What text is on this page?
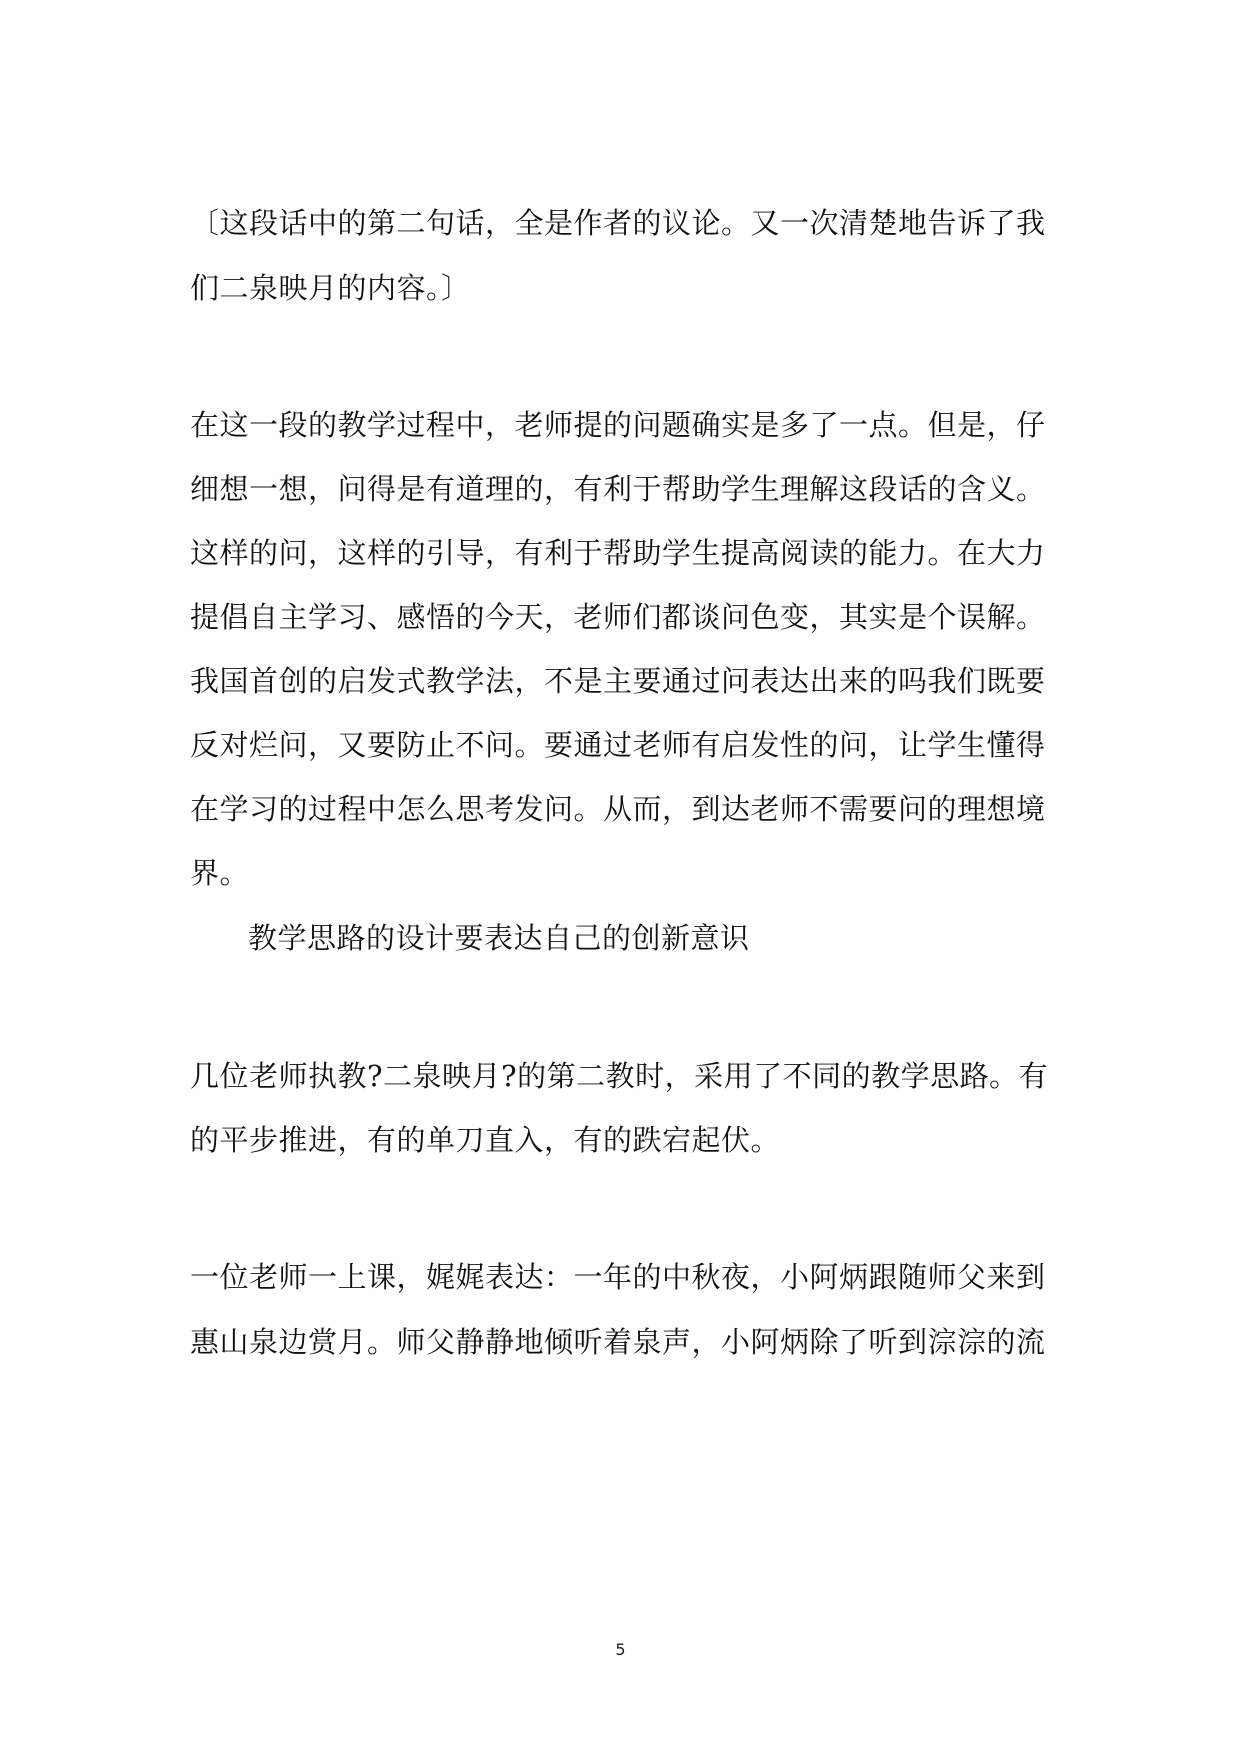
〔这段话中的第二句话，全是作者的议论。又一次清楚地告诉了我
们二泉映月的内容。〕
在这一段的教学过程中，老师提的问题确实是多了一点。但是，仔
细想一想，问得是有道理的，有利于帮助学生理解这段话的含义。
这样的问，这样的引导，有利于帮助学生提高阅读的能力。在大力
提倡自主学习、感悟的今天，老师们都谈问色变，其实是个误解。
我国首创的启发式教学法，不是主要通过问表达出来的吗我们既要
反对烂问，又要防止不问。要通过老师有启发性的问，让学生懂得
在学习的过程中怎么思考发问。从而，到达老师不需要问的理想境
界。
教学思路的设计要表达自己的创新意识
几位老师执教?二泉映月?的第二教时，采用了不同的教学思路。有
的平步推进，有的单刀直入，有的跌宕起伏。
一位老师一上课，娓娓表达：一年的中秋夜，小阿炳跟随师父来到
惠山泉边赏月。师父静静地倾听着泉声，小阿炳除了听到淙淙的流
5
